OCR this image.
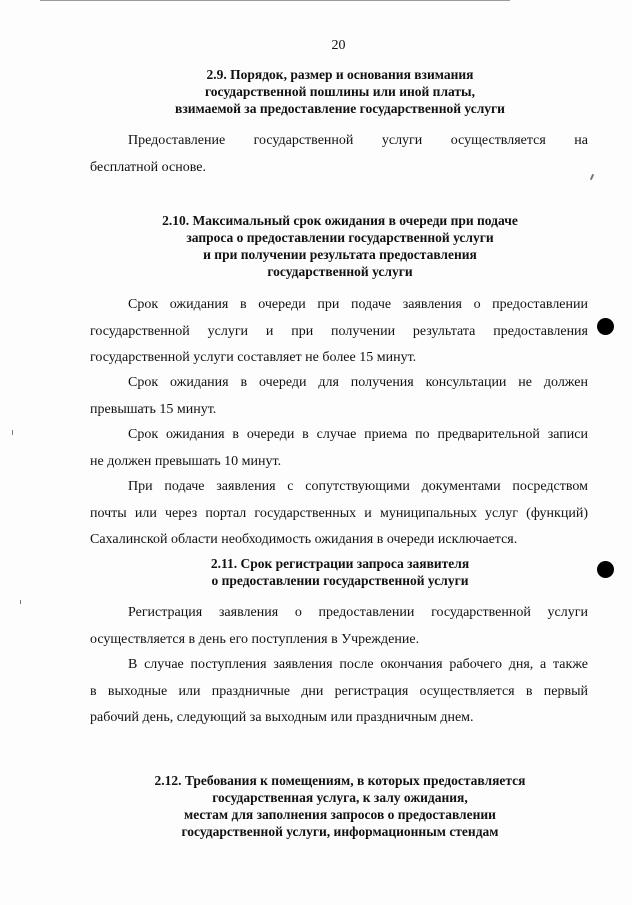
20
2.9. Порядок, размер и основания взимания
государственной пошлины или иной платы,
взимаемой за предоставление государственной услуги
Предоставление государственной услуги осуществляется на
бесплатной основе.
2.10. Максимальный срок ожидания в очереди при подаче
запроса о предоставлении государственной услуги
и при получении результата предоставления
государственной услуги
Срок ожидания в очереди при подаче заявления о предоставлении
государственной услуги и при получении результата предоставления
государственной услуги составляет не более 15 минут.
Срок ожидания в очереди для получения консультации не должен
превышать 15 минут.
Срок ожидания в очереди в случае приема по предварительной записи
не должен превышать 10 минут.
При подаче заявления с сопутствующими документами посредством
почты или через портал государственных и муниципальных услуг (функций)
Сахалинской области необходимость ожидания в очереди исключается.
2.11. Срок регистрации запроса заявителя
о предоставлении государственной услуги
Регистрация заявления о предоставлении государственной услуги
осуществляется в день его поступления в Учреждение.
В случае поступления заявления после окончания рабочего дня, а также
в выходные или праздничные дни регистрация осуществляется в первый
рабочий день, следующий за выходным или праздничным днем.
2.12. Требования к помещениям, в которых предоставляется
государственная услуга, к залу ожидания,
местам для заполнения запросов о предоставлении
государственной услуги, информационным стендам
